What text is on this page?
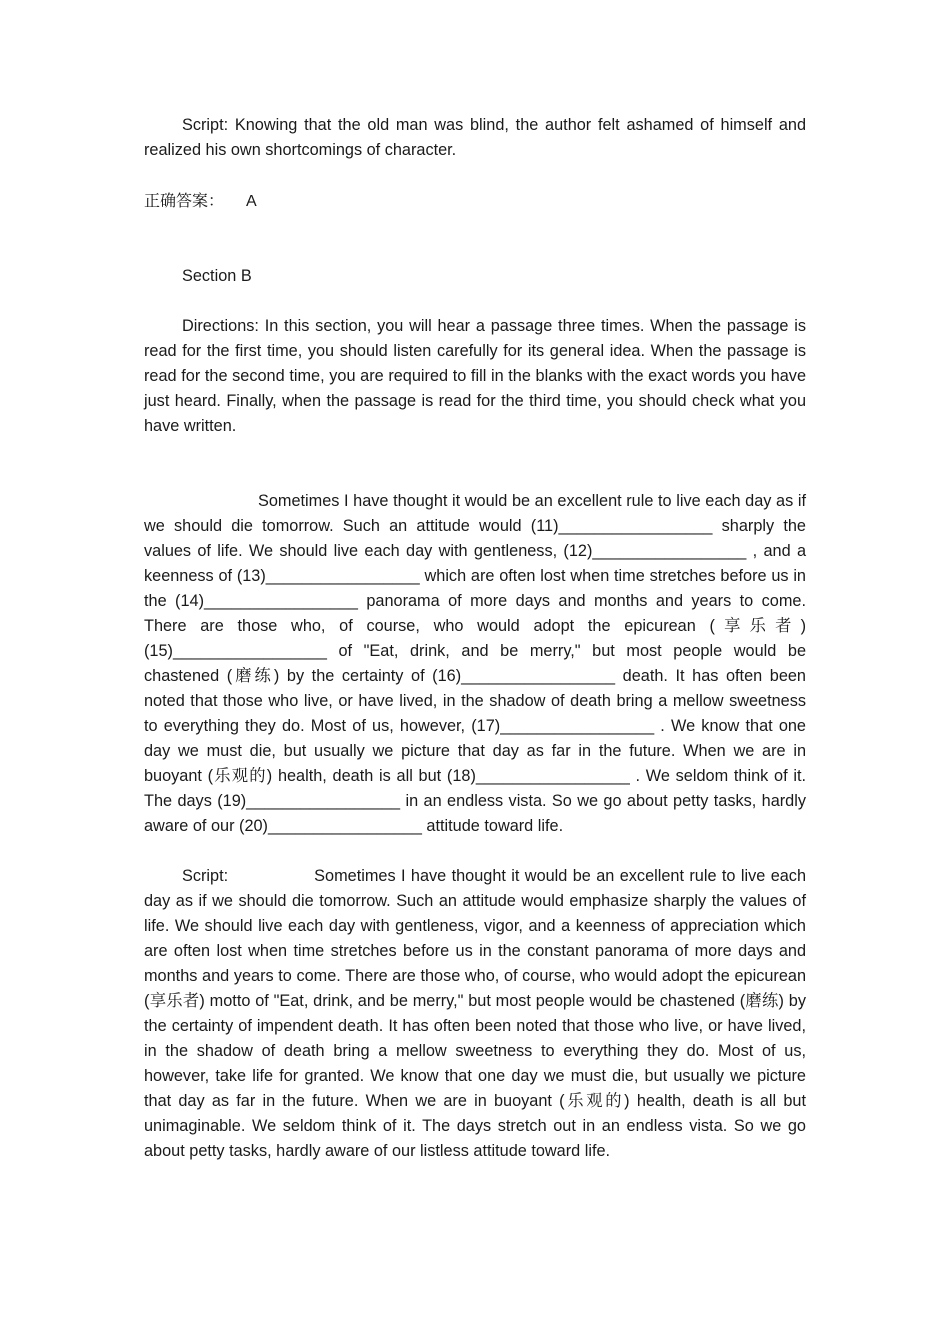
Script: Knowing that the old man was blind, the author felt ashamed of himself and realized his own shortcomings of character.

正确答案： A

Section B

Directions: In this section, you will hear a passage three times. When the passage is read for the first time, you should listen carefully for its general idea. When the passage is read for the second time, you are required to fill in the blanks with the exact words you have just heard. Finally, when the passage is read for the third time, you should check what you have written.

Sometimes I have thought it would be an excellent rule to live each day as if we should die tomorrow. Such an attitude would (11)_________________ sharply the values of life. We should live each day with gentleness, (12)_________________ , and a keenness of (13)_________________ which are often lost when time stretches before us in the (14)_________________ panorama of more days and months and years to come. There are those who, of course, who would adopt the epicurean (享乐者) (15)_________________ of "Eat, drink, and be merry," but most people would be chastened (磨练) by the certainty of (16)_________________ death. It has often been noted that those who live, or have lived, in the shadow of death bring a mellow sweetness to everything they do. Most of us, however, (17)_________________ . We know that one day we must die, but usually we picture that day as far in the future. When we are in buoyant (乐观的) health, death is all but (18)_________________ . We seldom think of it. The days (19)_________________ in an endless vista. So we go about petty tasks, hardly aware of our (20)_________________ attitude toward life.

Script:	Sometimes I have thought it would be an excellent rule to live each day as if we should die tomorrow. Such an attitude would emphasize sharply the values of life. We should live each day with gentleness, vigor, and a keenness of appreciation which are often lost when time stretches before us in the constant panorama of more days and months and years to come. There are those who, of course, who would adopt the epicurean (享乐者) motto of "Eat, drink, and be merry," but most people would be chastened (磨练) by the certainty of impendent death. It has often been noted that those who live, or have lived, in the shadow of death bring a mellow sweetness to everything they do. Most of us, however, take life for granted. We know that one day we must die, but usually we picture that day as far in the future. When we are in buoyant (乐观的) health, death is all but unimaginable. We seldom think of it. The days stretch out in an endless vista. So we go about petty tasks, hardly aware of our listless attitude toward life.
